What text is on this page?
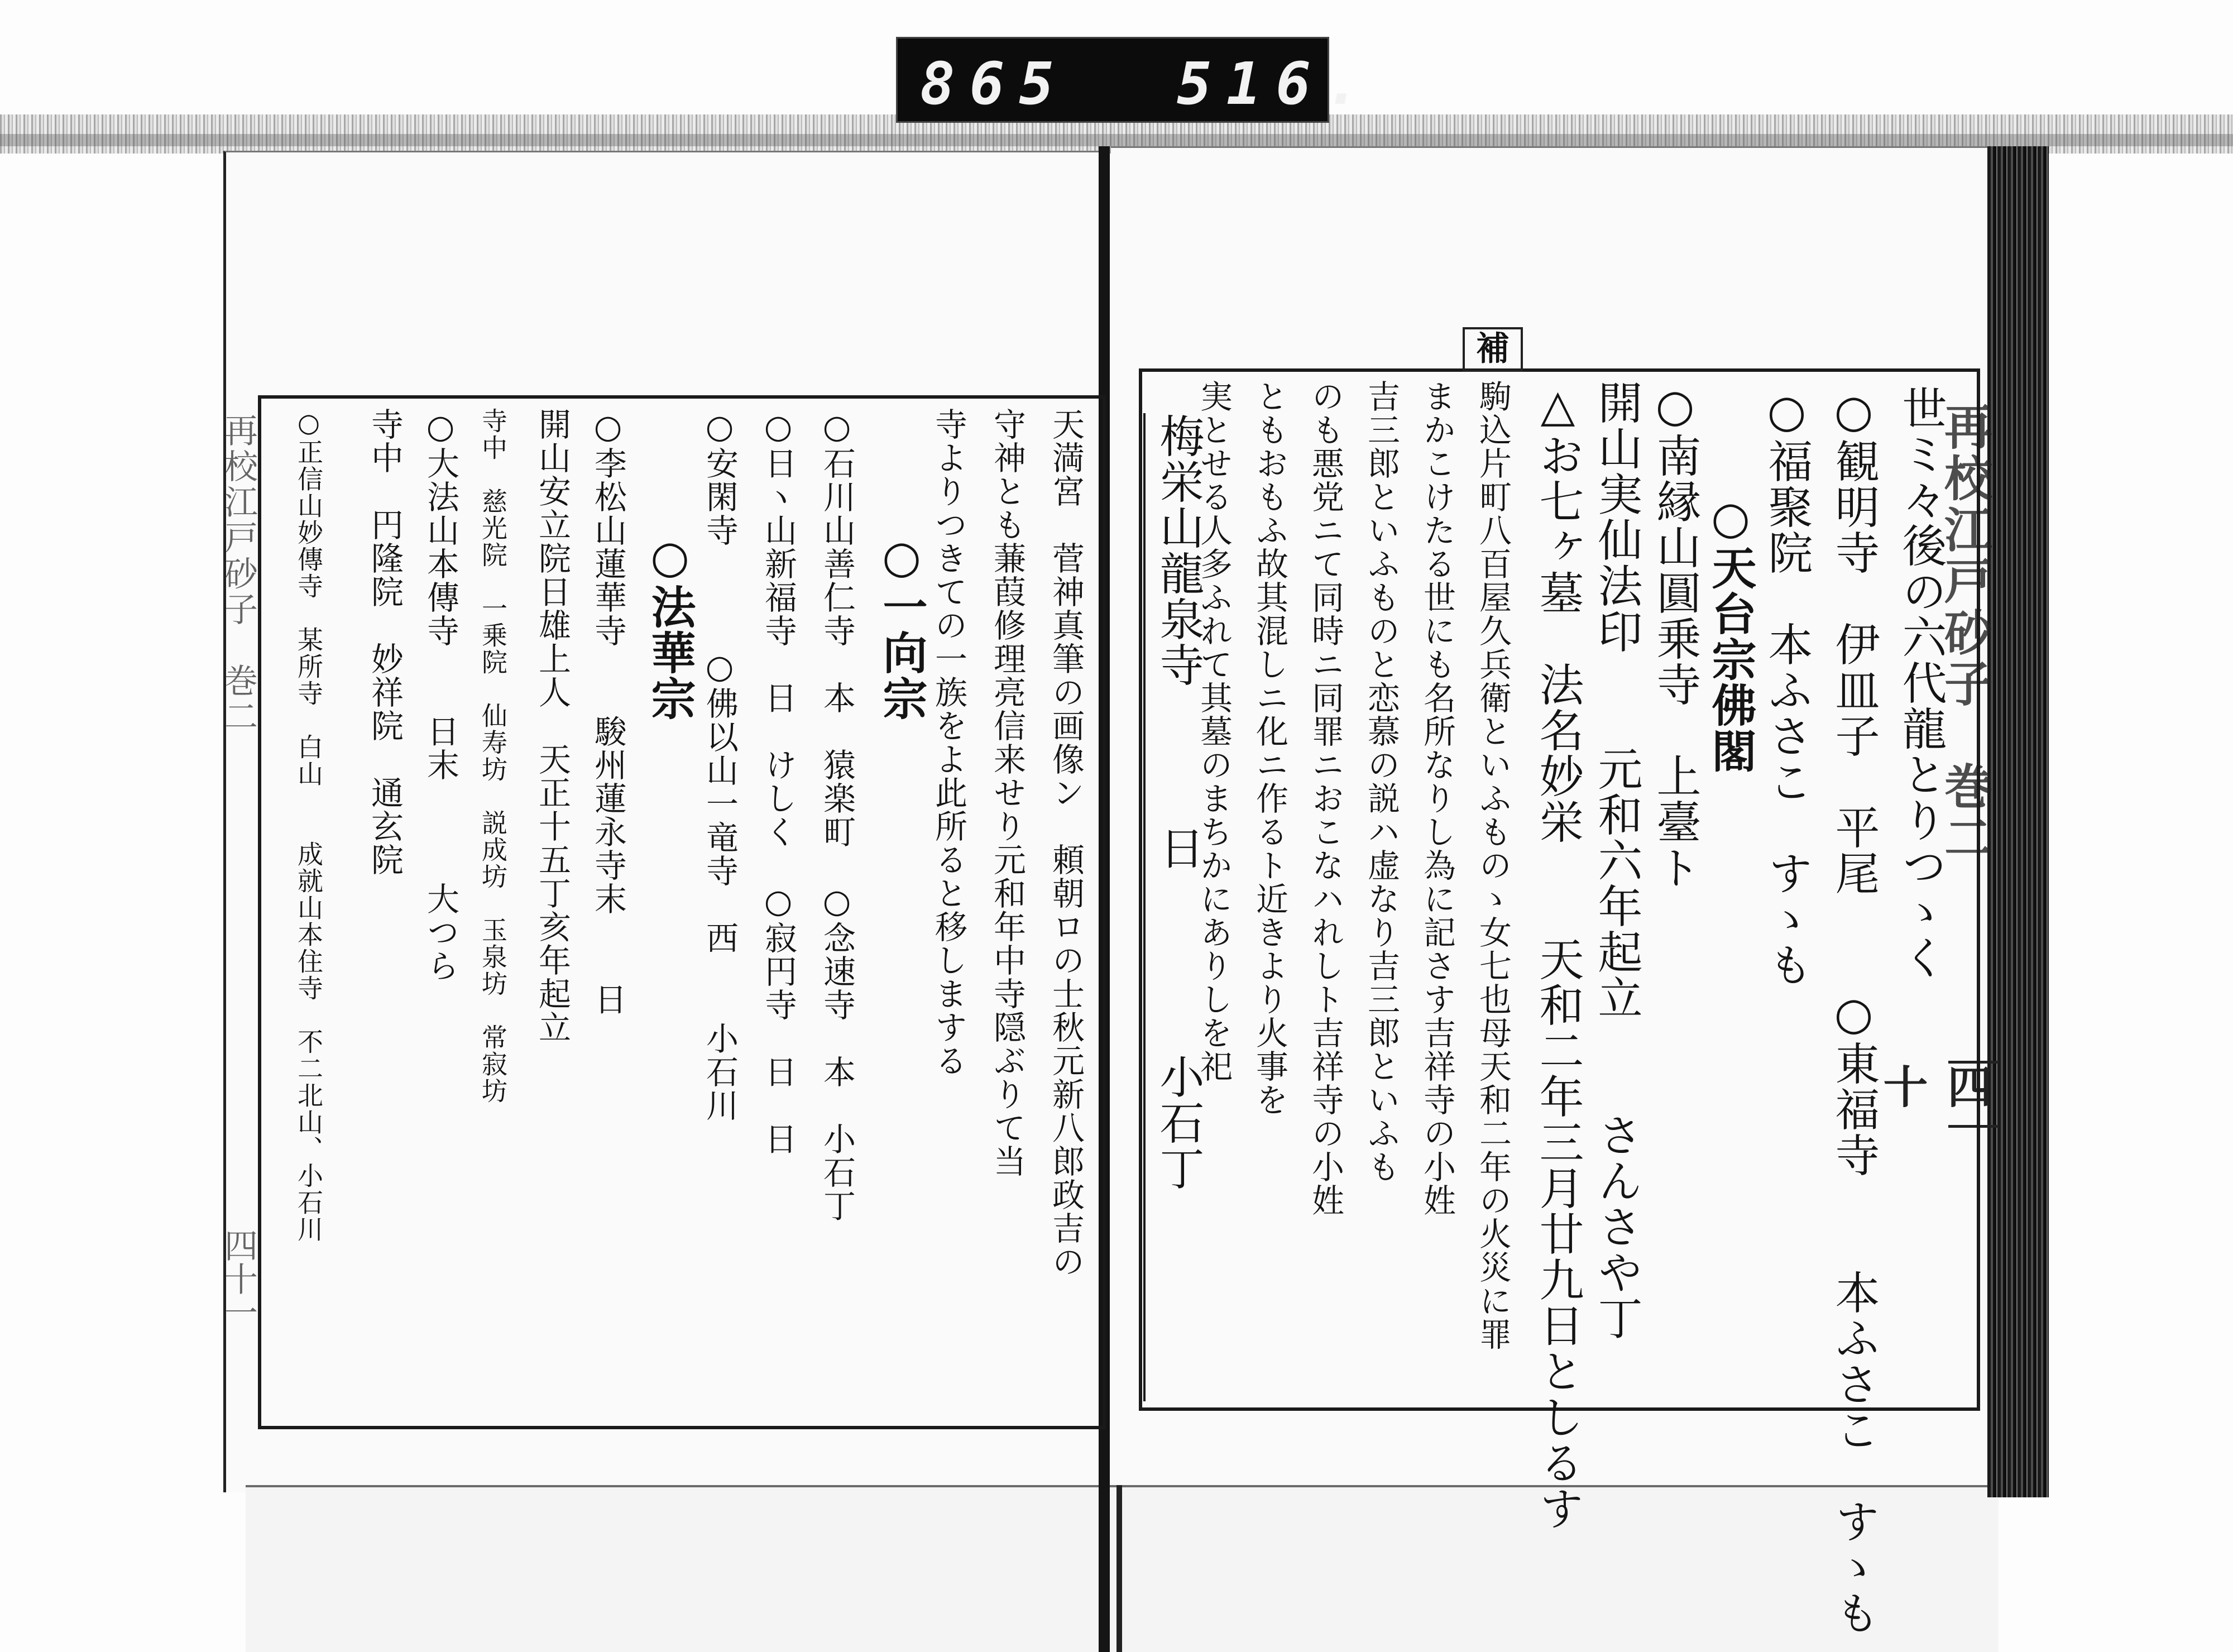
865 516.
再校江戸砂子　巻二
四十
再校江戸砂子　巻二
四十一
補
世ミ々後の六代龍とりつゝく
○観明寺　伊皿子　平尾　　○東福寺　　本ふさこ　すゝも
○福聚院　本ふさこ　すゝも
○天台宗佛閣
○南縁山圓乗寺　上臺ト
開山実仙法印　　元和六年起立　　さんさや丁
△お七ヶ墓　法名妙栄　　天和二年三月廿九日としるす
駒込片町八百屋久兵衛といふものゝ女七也母天和二年の火災に罪
まかこけたる世にも名所なりし為に記さす吉祥寺の小姓
吉三郎といふものと恋慕の説ハ虚なり吉三郎といふも
のも悪党ニて同時ニ同罪ニおこなハれしト吉祥寺の小姓
ともおもふ故其混しニ化ニ作るト近きより火事を
実とせる人多ふれて其墓のまちかにありしを祀
梅栄山龍泉寺　　　日　　　　小石丁
天満宮　菅神真筆の画像ン　頼朝ロの士秋元新八郎政吉の
守神とも蒹葭修理亮信来せり元和年中寺隠ぶりて当
寺よりつきての一族をよ此所ると移しまする
○一向宗
○石川山善仁寺　本　猿楽町　○念速寺　本　小石丁
○日ヽ山新福寺　日　けしく　○寂円寺　日　日
○安閑寺　　　○佛以山一竜寺　西　　小石川
○法華宗
○李松山蓮華寺　　駿州蓮永寺末　　日
開山安立院日雄上人　天正十五丁亥年起立
寺中　慈光院　一乗院　仙寿坊　説成坊　玉泉坊　常寂坊
○大法山本傳寺　　日末　　　大つら
寺中　円隆院　妙祥院　通玄院
○正信山妙傳寺　某所寺　白山　　成就山本住寺　不二北山、小石川
